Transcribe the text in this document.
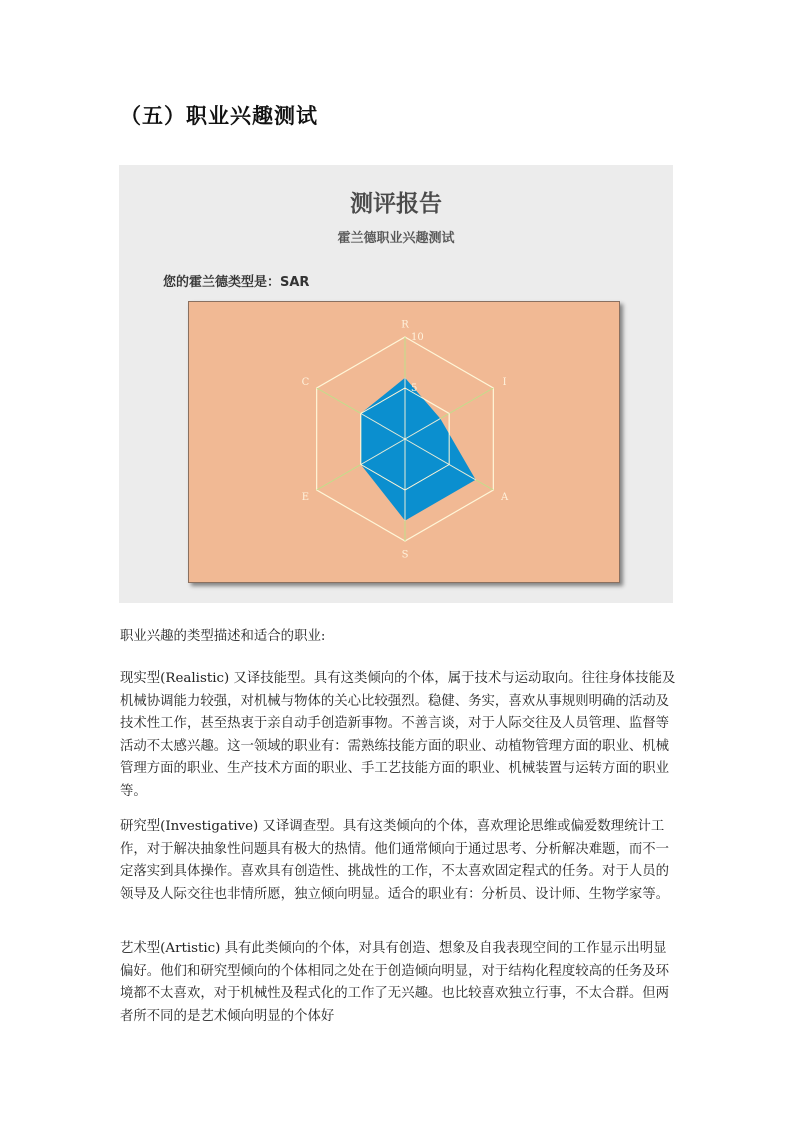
（五）职业兴趣测试
测评报告
霍兰德职业兴趣测试
您的霍兰德类型是：SAR
5
10
R
I
A
S
E
C
职业兴趣的类型描述和适合的职业:
现实型(Realistic) 又译技能型。具有这类倾向的个体，属于技术与运动取向。往往身体技能及机械协调能力较强，对机械与物体的关心比较强烈。稳健、务实，喜欢从事规则明确的活动及技术性工作，甚至热衷于亲自动手创造新事物。不善言谈，对于人际交往及人员管理、监督等活动不太感兴趣。这一领域的职业有：需熟练技能方面的职业、动植物管理方面的职业、机械管理方面的职业、生产技术方面的职业、手工艺技能方面的职业、机械装置与运转方面的职业等。
研究型(Investigative) 又译调查型。具有这类倾向的个体，喜欢理论思维或偏爱数理统计工作，对于解决抽象性问题具有极大的热情。他们通常倾向于通过思考、分析解决难题，而不一定落实到具体操作。喜欢具有创造性、挑战性的工作，不太喜欢固定程式的任务。对于人员的领导及人际交往也非情所愿，独立倾向明显。适合的职业有：分析员、设计师、生物学家等。
艺术型(Artistic) 具有此类倾向的个体，对具有创造、想象及自我表现空间的工作显示出明显偏好。他们和研究型倾向的个体相同之处在于创造倾向明显，对于结构化程度较高的任务及环境都不太喜欢，对于机械性及程式化的工作了无兴趣。也比较喜欢独立行事，不太合群。但两者所不同的是艺术倾向明显的个体好
